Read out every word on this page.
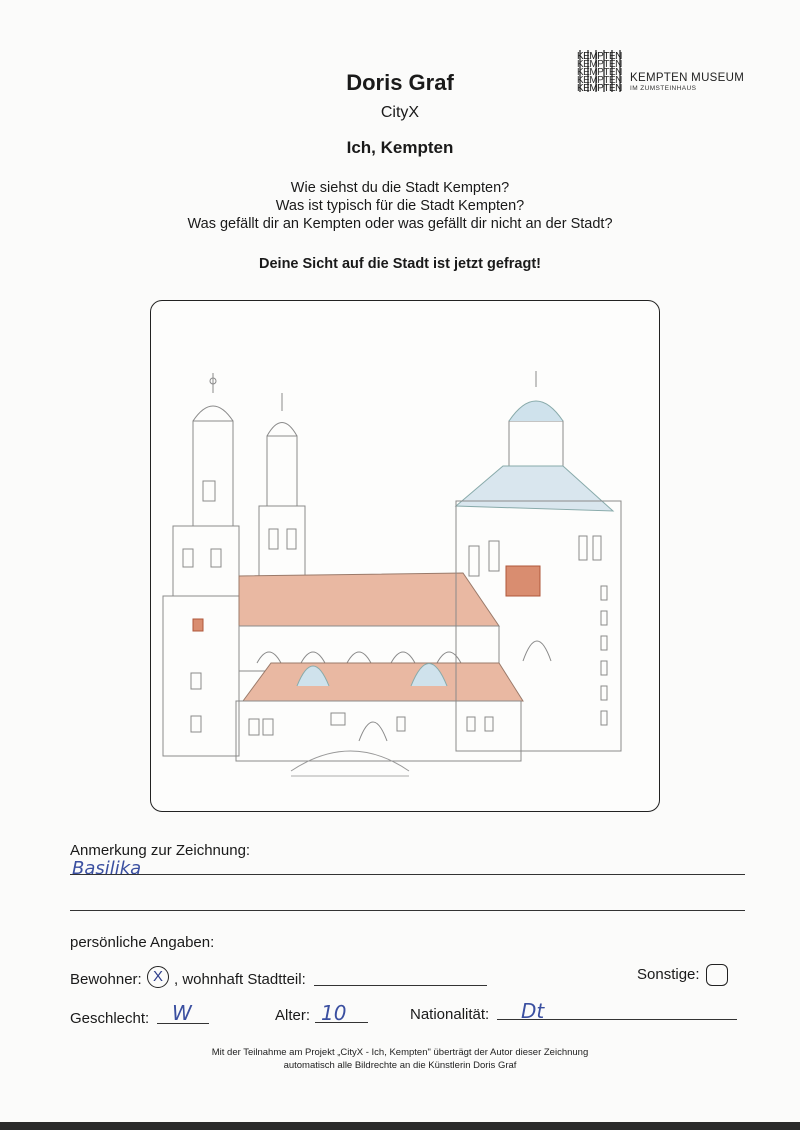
Doris Graf
CityX
Ich, Kempten
Wie siehst du die Stadt Kempten?
Was ist typisch für die Stadt Kempten?
Was gefällt dir an Kempten oder was gefällt dir nicht an der Stadt?
Deine Sicht auf die Stadt ist jetzt gefragt!
KEMPTEN
KEMPTEN
KEMPTEN
KEMPTEN
KEMPTEN
KEMPTEN MUSEUM
IM ZUMSTEINHAUS
Anmerkung zur Zeichnung:
Basilika
persönliche Angaben:
Bewohner: X , wohnhaft Stadtteil:	Sonstige:
Geschlecht: W	Alter: 10	Nationalität: Dt
Mit der Teilnahme am Projekt „CityX - Ich, Kempten" überträgt der Autor dieser Zeichnung
automatisch alle Bildrechte an die Künstlerin Doris Graf
